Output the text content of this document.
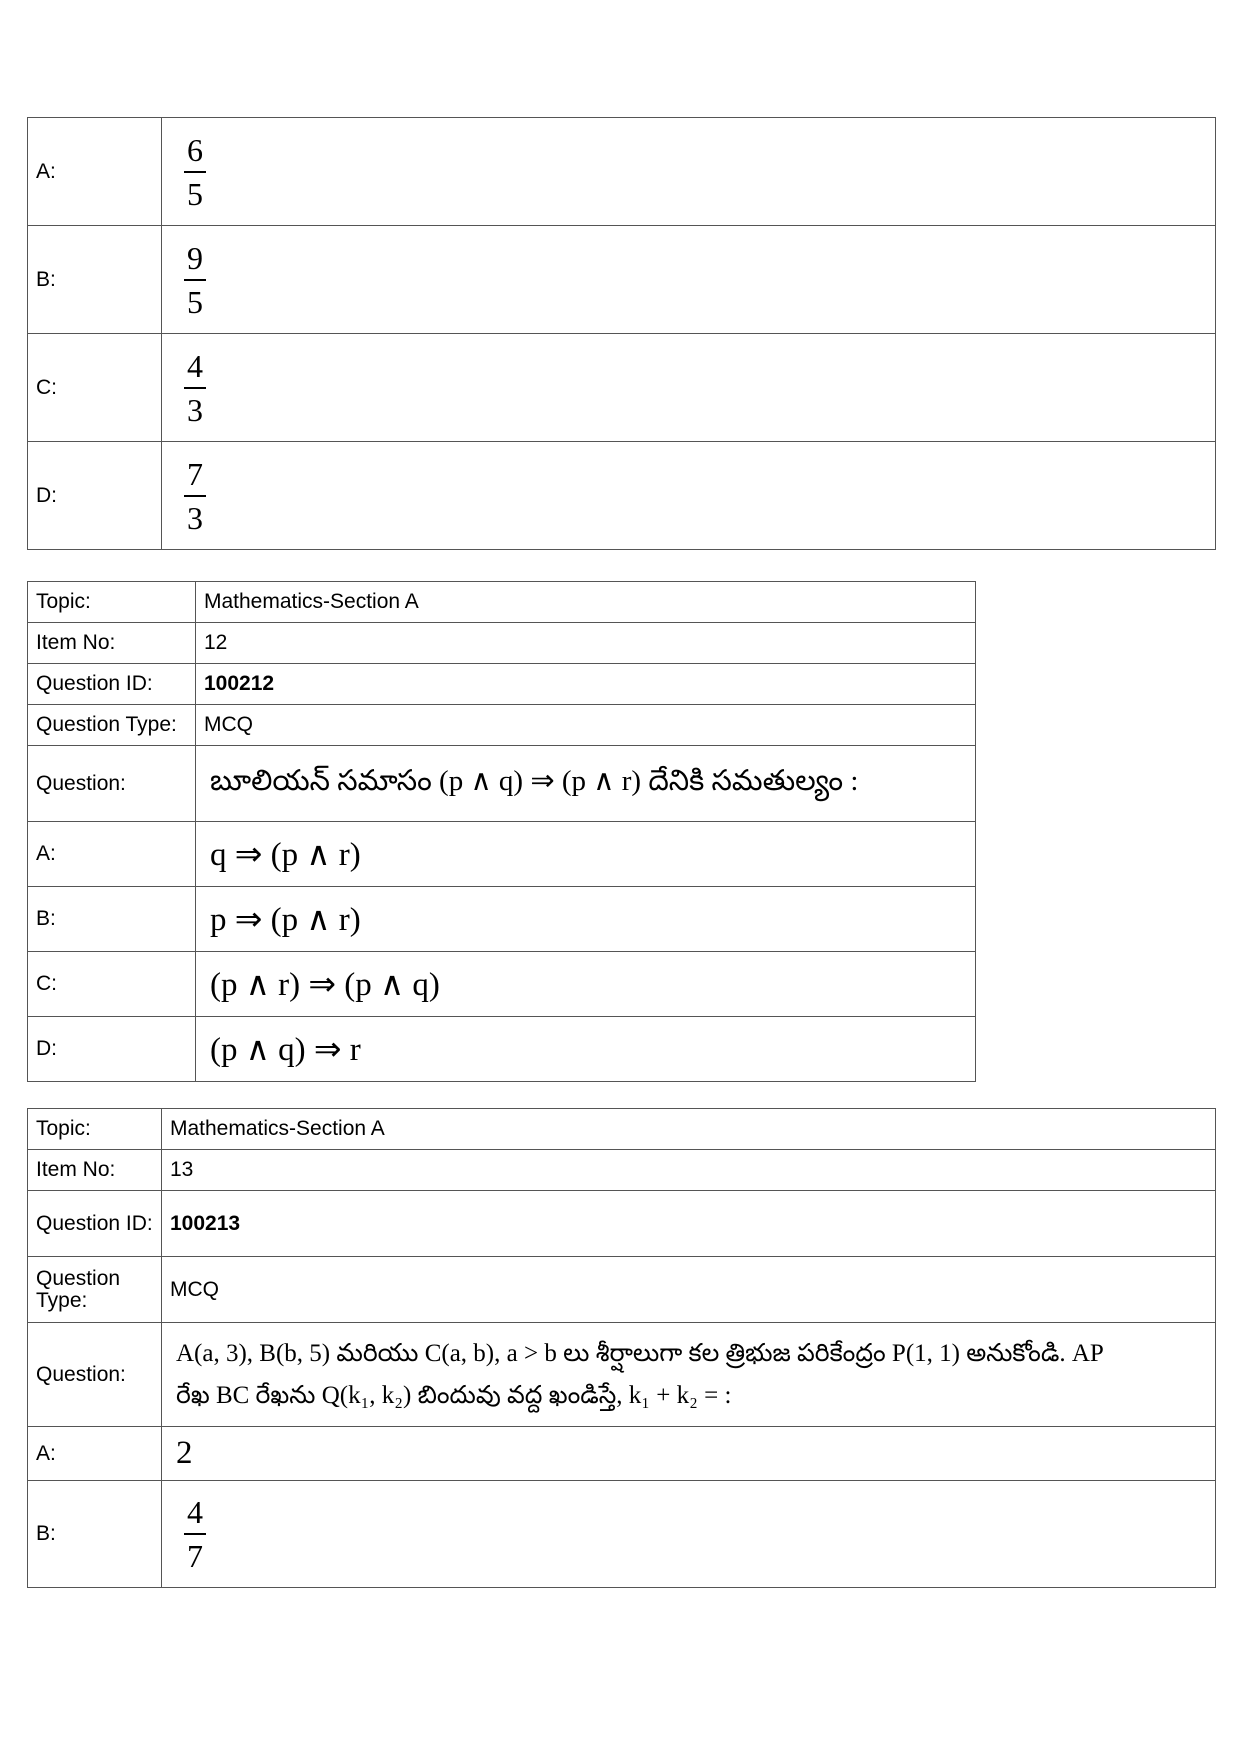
A:	$\frac{6}{5}$

B:	$\frac{9}{5}$

C:	$\frac{4}{3}$

D:	$\frac{7}{3}$
Topic:	Mathematics-Section A
Item No:	12
Question ID:	100212
Question Type:	MCQ
Question:	బూలియన్ సమాసం (p ∧ q) ⇒ (p ∧ r) దేనికి సమతుల్యం :
A:	q ⇒ (p ∧ r)
B:	p ⇒ (p ∧ r)
C:	(p ∧ r) ⇒ (p ∧ q)
D:	(p ∧ q) ⇒ r
Topic:	Mathematics-Section A
Item No:	13
Question ID:	100213
Question Type:	MCQ
Question:	A(a, 3), B(b, 5) మరియు C(a, b), a > b లు శీర్షాలుగా కల త్రిభుజ పరికేంద్రం P(1, 1) అనుకోండి. AP
రేఖ BC రేఖను Q(k₁, k₂) బిందువు వద్ద ఖండిస్తే, k₁ + k₂ = :

A:	2
B:	$\frac{4}{7}$
